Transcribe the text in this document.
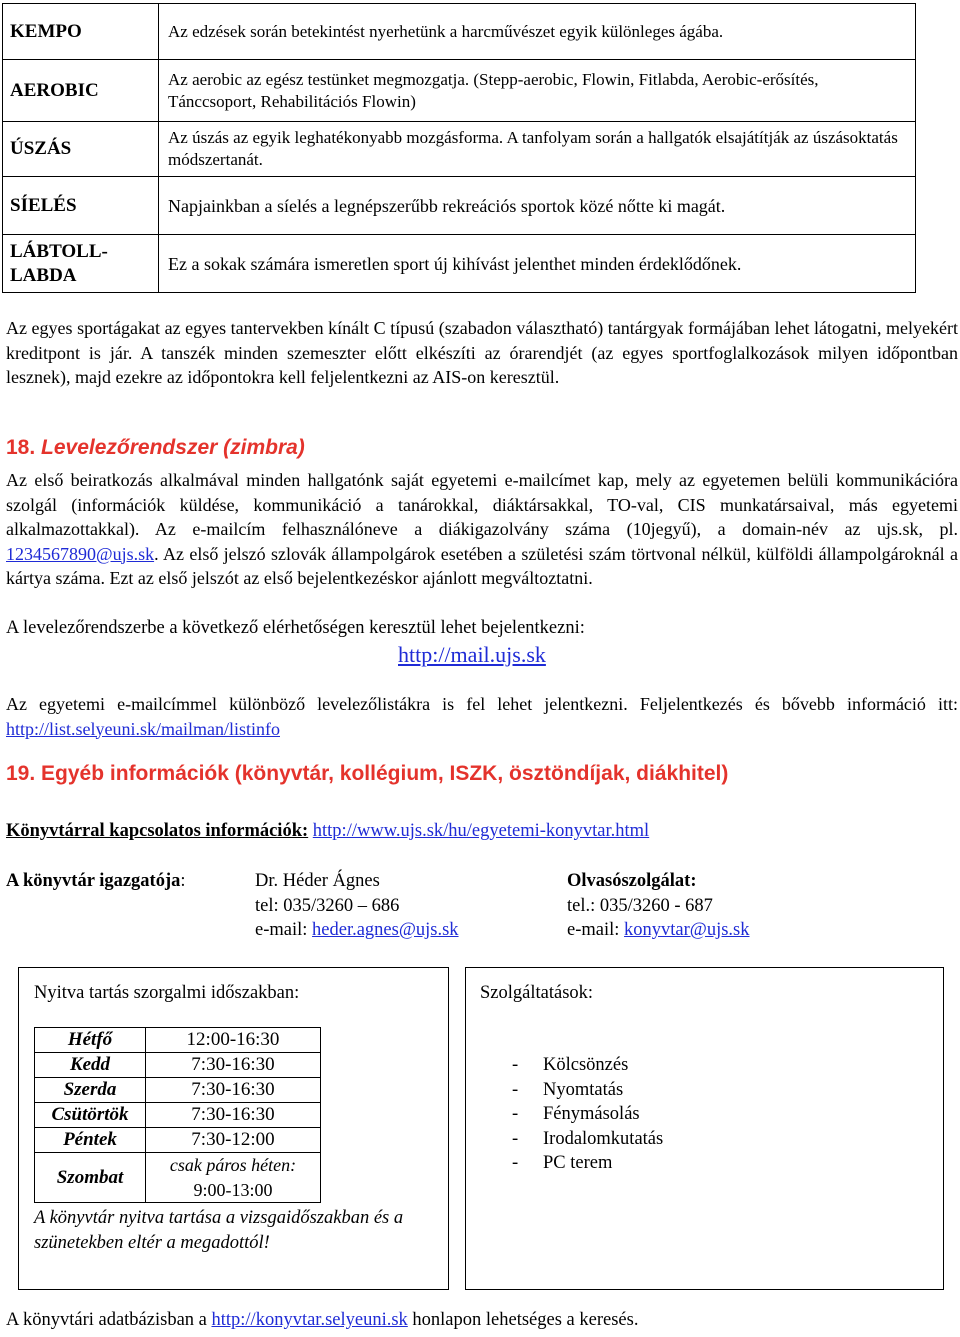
KEMPO	Az edzések során betekintést nyerhetünk a harcművészet egyik különleges ágába.
AEROBIC	Az aerobic az egész testünket megmozgatja. (Stepp-aerobic, Flowin, Fitlabda, Aerobic-erősítés, Tánccsoport, Rehabilitációs Flowin)
ÚSZÁS	Az úszás az egyik leghatékonyabb mozgásforma. A tanfolyam során a hallgatók elsajátítják az úszásoktatás módszertanát.
SÍELÉS	Napjainkban a síelés a legnépszerűbb rekreációs sportok közé nőtte ki magát.
LÁBTOLL-
LABDA	Ez a sokak számára ismeretlen sport új kihívást jelenthet minden érdeklődőnek.
Az egyes sportágakat az egyes tantervekben kínált C típusú (szabadon választható) tantárgyak formájában lehet látogatni, melyekért kreditpont is jár. A tanszék minden szemeszter előtt elkészíti az órarendjét (az egyes sportfoglalkozások milyen időpontban lesznek), majd ezekre az időpontokra kell feljelentkezni az AIS-on keresztül.
18. Levelezőrendszer (zimbra)
Az első beiratkozás alkalmával minden hallgatónk saját egyetemi e-mailcímet kap, mely az egyetemen belüli kommunikációra szolgál (információk küldése, kommunikáció a tanárokkal, diáktársakkal, TO-val, CIS munkatársaival, más egyetemi alkalmazottakkal). Az e-mailcím felhasználóneve a diákigazolvány száma (10jegyű), a domain-név az ujs.sk, pl. 1234567890@ujs.sk. Az első jelszó szlovák állampolgárok esetében a születési szám törtvonal nélkül, külföldi állampolgároknál a kártya száma. Ezt az első jelszót az első bejelentkezéskor ajánlott megváltoztatni.
A levelezőrendszerbe a következő elérhetőségen keresztül lehet bejelentkezni:
http://mail.ujs.sk
Az egyetemi e-mailcímmel különböző levelezőlistákra is fel lehet jelentkezni. Feljelentkezés és bővebb információ itt: http://list.selyeuni.sk/mailman/listinfo
19. Egyéb információk (könyvtár, kollégium, ISZK, ösztöndíjak, diákhitel)
Könyvtárral kapcsolatos információk: http://www.ujs.sk/hu/egyetemi-konyvtar.html
A könyvtár igazgatója:	Dr. Héder Ágnes
tel: 035/3260 – 686
e-mail: heder.agnes@ujs.sk
Olvasószolgálat:
tel.: 035/3260 - 687
e-mail: konyvtar@ujs.sk
Nyitva tartás szorgalmi időszakban:
Hétfő	12:00-16:30
Kedd	7:30-16:30
Szerda	7:30-16:30
Csütörtök	7:30-16:30
Péntek	7:30-12:00
Szombat	csak páros héten:
9:00-13:00
A könyvtár nyitva tartása a vizsgaidőszakban és a szünetekben eltér a megadottól!
Szolgáltatások:
- Kölcsönzés
- Nyomtatás
- Fénymásolás
- Irodalomkutatás
- PC terem
A könyvtári adatbázisban a http://konyvtar.selyeuni.sk honlapon lehetséges a keresés.
